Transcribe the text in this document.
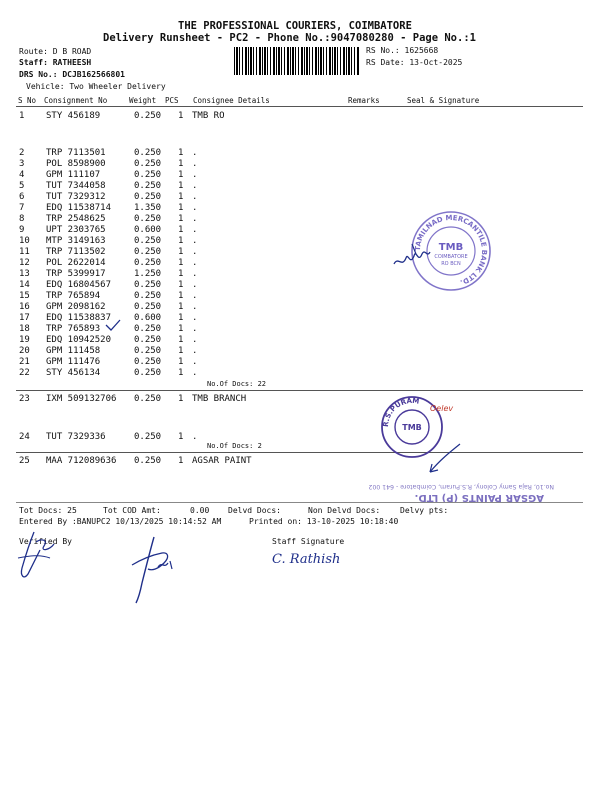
THE PROFESSIONAL COURIERS, COIMBATORE
Delivery Runsheet - PC2 - Phone No.:9047080280 - Page No.:1
Route: D B ROAD
Staff: RATHEESH
DRS No.: DCJB162566801
Vehicle: Two Wheeler Delivery
RS No.: 1625668
RS Date: 13-Oct-2025
S No Consignment No	Weight PCS Consignee Details	Remarks	Seal & Signature
1 STY 456189	0.250 1 TMB RO
2 TRP 7113501	0.250 1 .
3 POL 8598900	0.250 1 .
4 GPM 111107	0.250 1 .
5 TUT 7344058	0.250 1 .
6 TUT 7329312	0.250 1 .
7 EDQ 11538714	1.350 1 .
8 TRP 2548625	0.250 1 .
9 UPT 2303765	0.600 1 .
10 MTP 3149163	0.250 1 .
11 TRP 7113502	0.250 1 .
12 POL 2622014	0.250 1 .
13 TRP 5399917	1.250 1 .
14 EDQ 16804567	0.250 1 .
15 TRP 765894	0.250 1 .
16 GPM 2098162	0.250 1 .
17 EDQ 11538837	0.600 1 .
18 TRP 765893	0.250 1 .
19 EDQ 10942520	0.250 1 .
20 GPM 111458	0.250 1 .
21 GPM 111476	0.250 1 .
22 STY 456134	0.250 1 .
No.Of Docs: 22
23 IXM 509132706 0.250 1 TMB BRANCH
24 TUT 7329336	0.250 1 .
No.Of Docs: 2
25 MAA 712089636 0.250 1 AGSAR PAINT
TAMILNAD MERCANTILE BANK LTD.
TMB
COIMBATORE
RO BCN
R.S.PURAM
TMB
Oelev
AGSAR PAINTS (P) LTD.
No.10, Raja Samy Colony, R.S.Puram, Coimbatore - 641 002
Tot Docs: 25	Tot COD Amt:	0.00 Delvd Docs:	Non Delvd Docs: Delvy pts:
Entered By :BANUPC2 10/13/2025 10:14:52 AM	Printed on: 13-10-2025 10:18:40
Verified By	Staff Signature
C. Rathish
